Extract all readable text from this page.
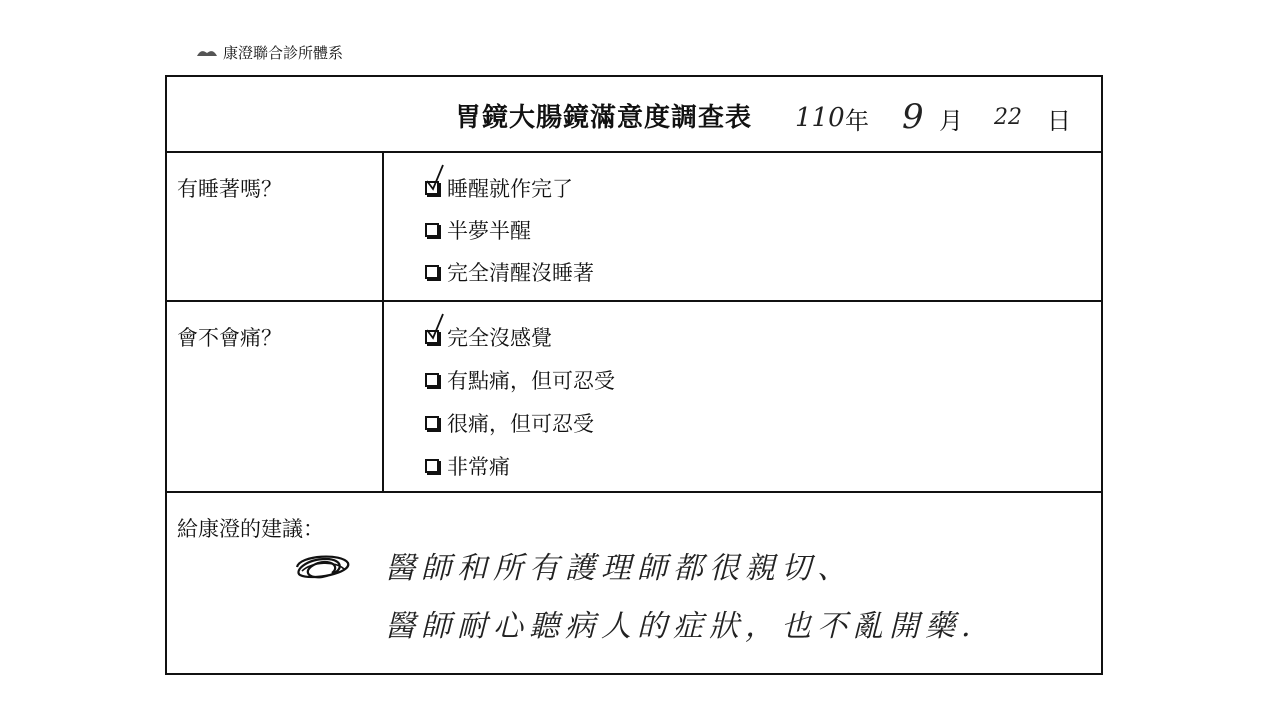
康澄聯合診所體系
胃鏡大腸鏡滿意度調查表 110 年 9 月 22 日
有睡著嗎？	睡醒就作完了
半夢半醒
完全清醒沒睡著
會不會痛？	完全沒感覺
有點痛，但可忍受
很痛，但可忍受
非常痛
給康澄的建議：
醫師和所有護理師都很親切、
醫師耐心聽病人的症狀，也不亂開藥.
